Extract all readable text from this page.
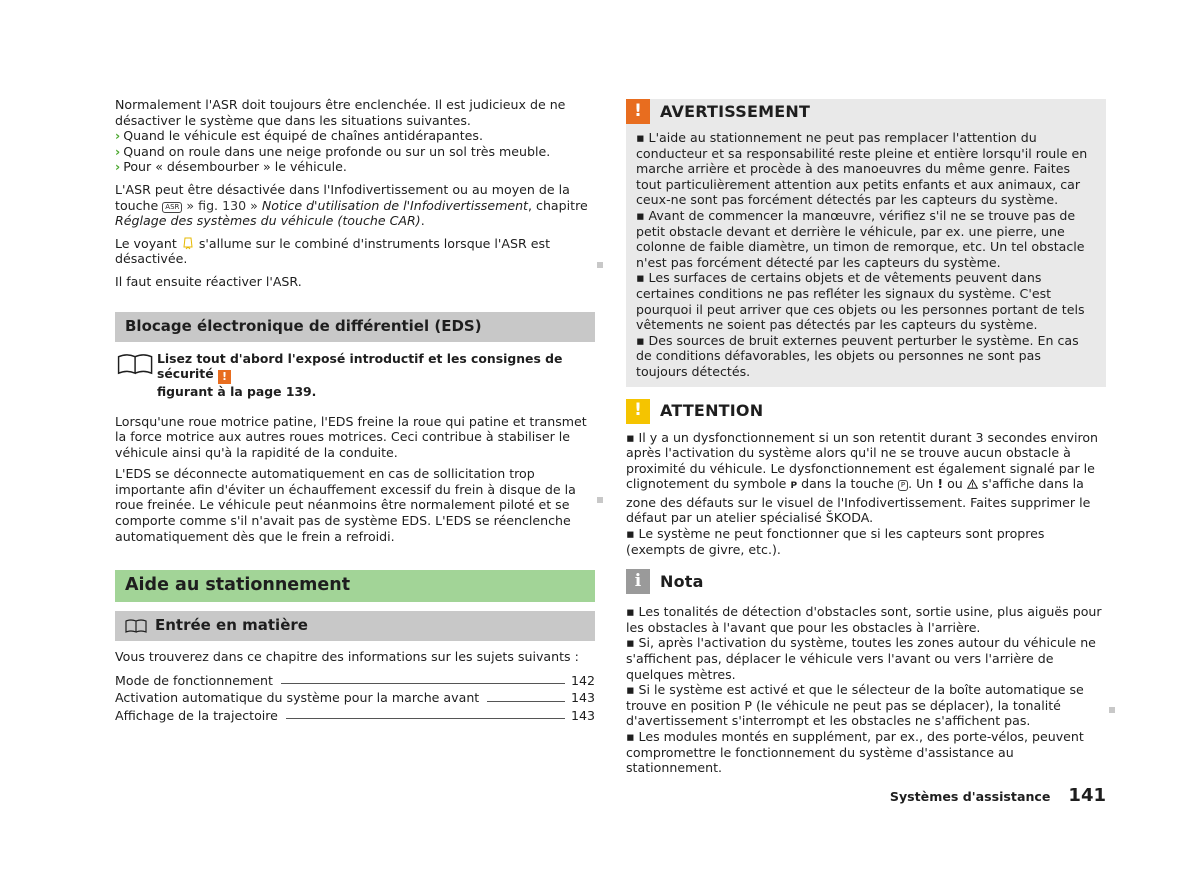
Normalement l'ASR doit toujours être enclenchée. Il est judicieux de ne désactiver le système que dans les situations suivantes.

› Quand le véhicule est équipé de chaînes antidérapantes.
› Quand on roule dans une neige profonde ou sur un sol très meuble.
› Pour « désembourber » le véhicule.

L'ASR peut être désactivée dans l'Infodivertissement ou au moyen de la touche ASR » fig. 130 » Notice d'utilisation de l'Infodivertissement, chapitre Réglage des systèmes du véhicule (touche CAR).

Le voyant s'allume sur le combiné d'instruments lorsque l'ASR est désactivée.

Il faut ensuite réactiver l'ASR.

Blocage électronique de différentiel (EDS)
Lisez tout d'abord l'exposé introductif et les consignes de sécurité !
figurant à la page 139.

Lorsqu'une roue motrice patine, l'EDS freine la roue qui patine et transmet la force motrice aux autres roues motrices. Ceci contribue à stabiliser le véhicule ainsi qu'à la rapidité de la conduite.

L'EDS se déconnecte automatiquement en cas de sollicitation trop importante afin d'éviter un échauffement excessif du frein à disque de la roue freinée. Le véhicule peut néanmoins être normalement piloté et se comporte comme s'il n'avait pas de système EDS. L'EDS se réenclenche automatiquement dès que le frein a refroidi.

Aide au stationnement
Entrée en matière

Vous trouverez dans ce chapitre des informations sur les sujets suivants :

Mode de fonctionnement	142
Activation automatique du système pour la marche avant	143
Affichage de la trajectoire	143
!	AVERTISSEMENT
▪ L'aide au stationnement ne peut pas remplacer l'attention du conducteur et sa responsabilité reste pleine et entière lorsqu'il roule en marche arrière et procède à des manoeuvres du même genre. Faites tout particulièrement attention aux petits enfants et aux animaux, car ceux-ne sont pas forcément détectés par les capteurs du système.
▪ Avant de commencer la manœuvre, vérifiez s'il ne se trouve pas de petit obstacle devant et derrière le véhicule, par ex. une pierre, une colonne de faible diamètre, un timon de remorque, etc. Un tel obstacle n'est pas forcément détecté par les capteurs du système.
▪ Les surfaces de certains objets et de vêtements peuvent dans certaines conditions ne pas refléter les signaux du système. C'est pourquoi il peut arriver que ces objets ou les personnes portant de tels vêtements ne soient pas détectés par les capteurs du système.
▪ Des sources de bruit externes peuvent perturber le système. En cas de conditions défavorables, les objets ou personnes ne sont pas toujours détectés.
!	ATTENTION
▪ Il y a un dysfonctionnement si un son retentit durant 3 secondes environ après l'activation du système alors qu'il ne se trouve aucun obstacle à proximité du véhicule. Le dysfonctionnement est également signalé par le clignotement du symbole P dans la touche P . Un ! ou s'affiche dans la zone des défauts sur le visuel de l'Infodivertissement. Faites supprimer le défaut par un atelier spécialisé ŠKODA.
▪ Le système ne peut fonctionner que si les capteurs sont propres (exempts de givre, etc.).
i	Nota
▪ Les tonalités de détection d'obstacles sont, sortie usine, plus aiguës pour les obstacles à l'avant que pour les obstacles à l'arrière.
▪ Si, après l'activation du système, toutes les zones autour du véhicule ne s'affichent pas, déplacer le véhicule vers l'avant ou vers l'arrière de quelques mètres.
▪ Si le système est activé et que le sélecteur de la boîte automatique se trouve en position P (le véhicule ne peut pas se déplacer), la tonalité d'avertissement s'interrompt et les obstacles ne s'affichent pas.
▪ Les modules montés en supplément, par ex., des porte-vélos, peuvent compromettre le fonctionnement du système d'assistance au stationnement.
Systèmes d'assistance 141
